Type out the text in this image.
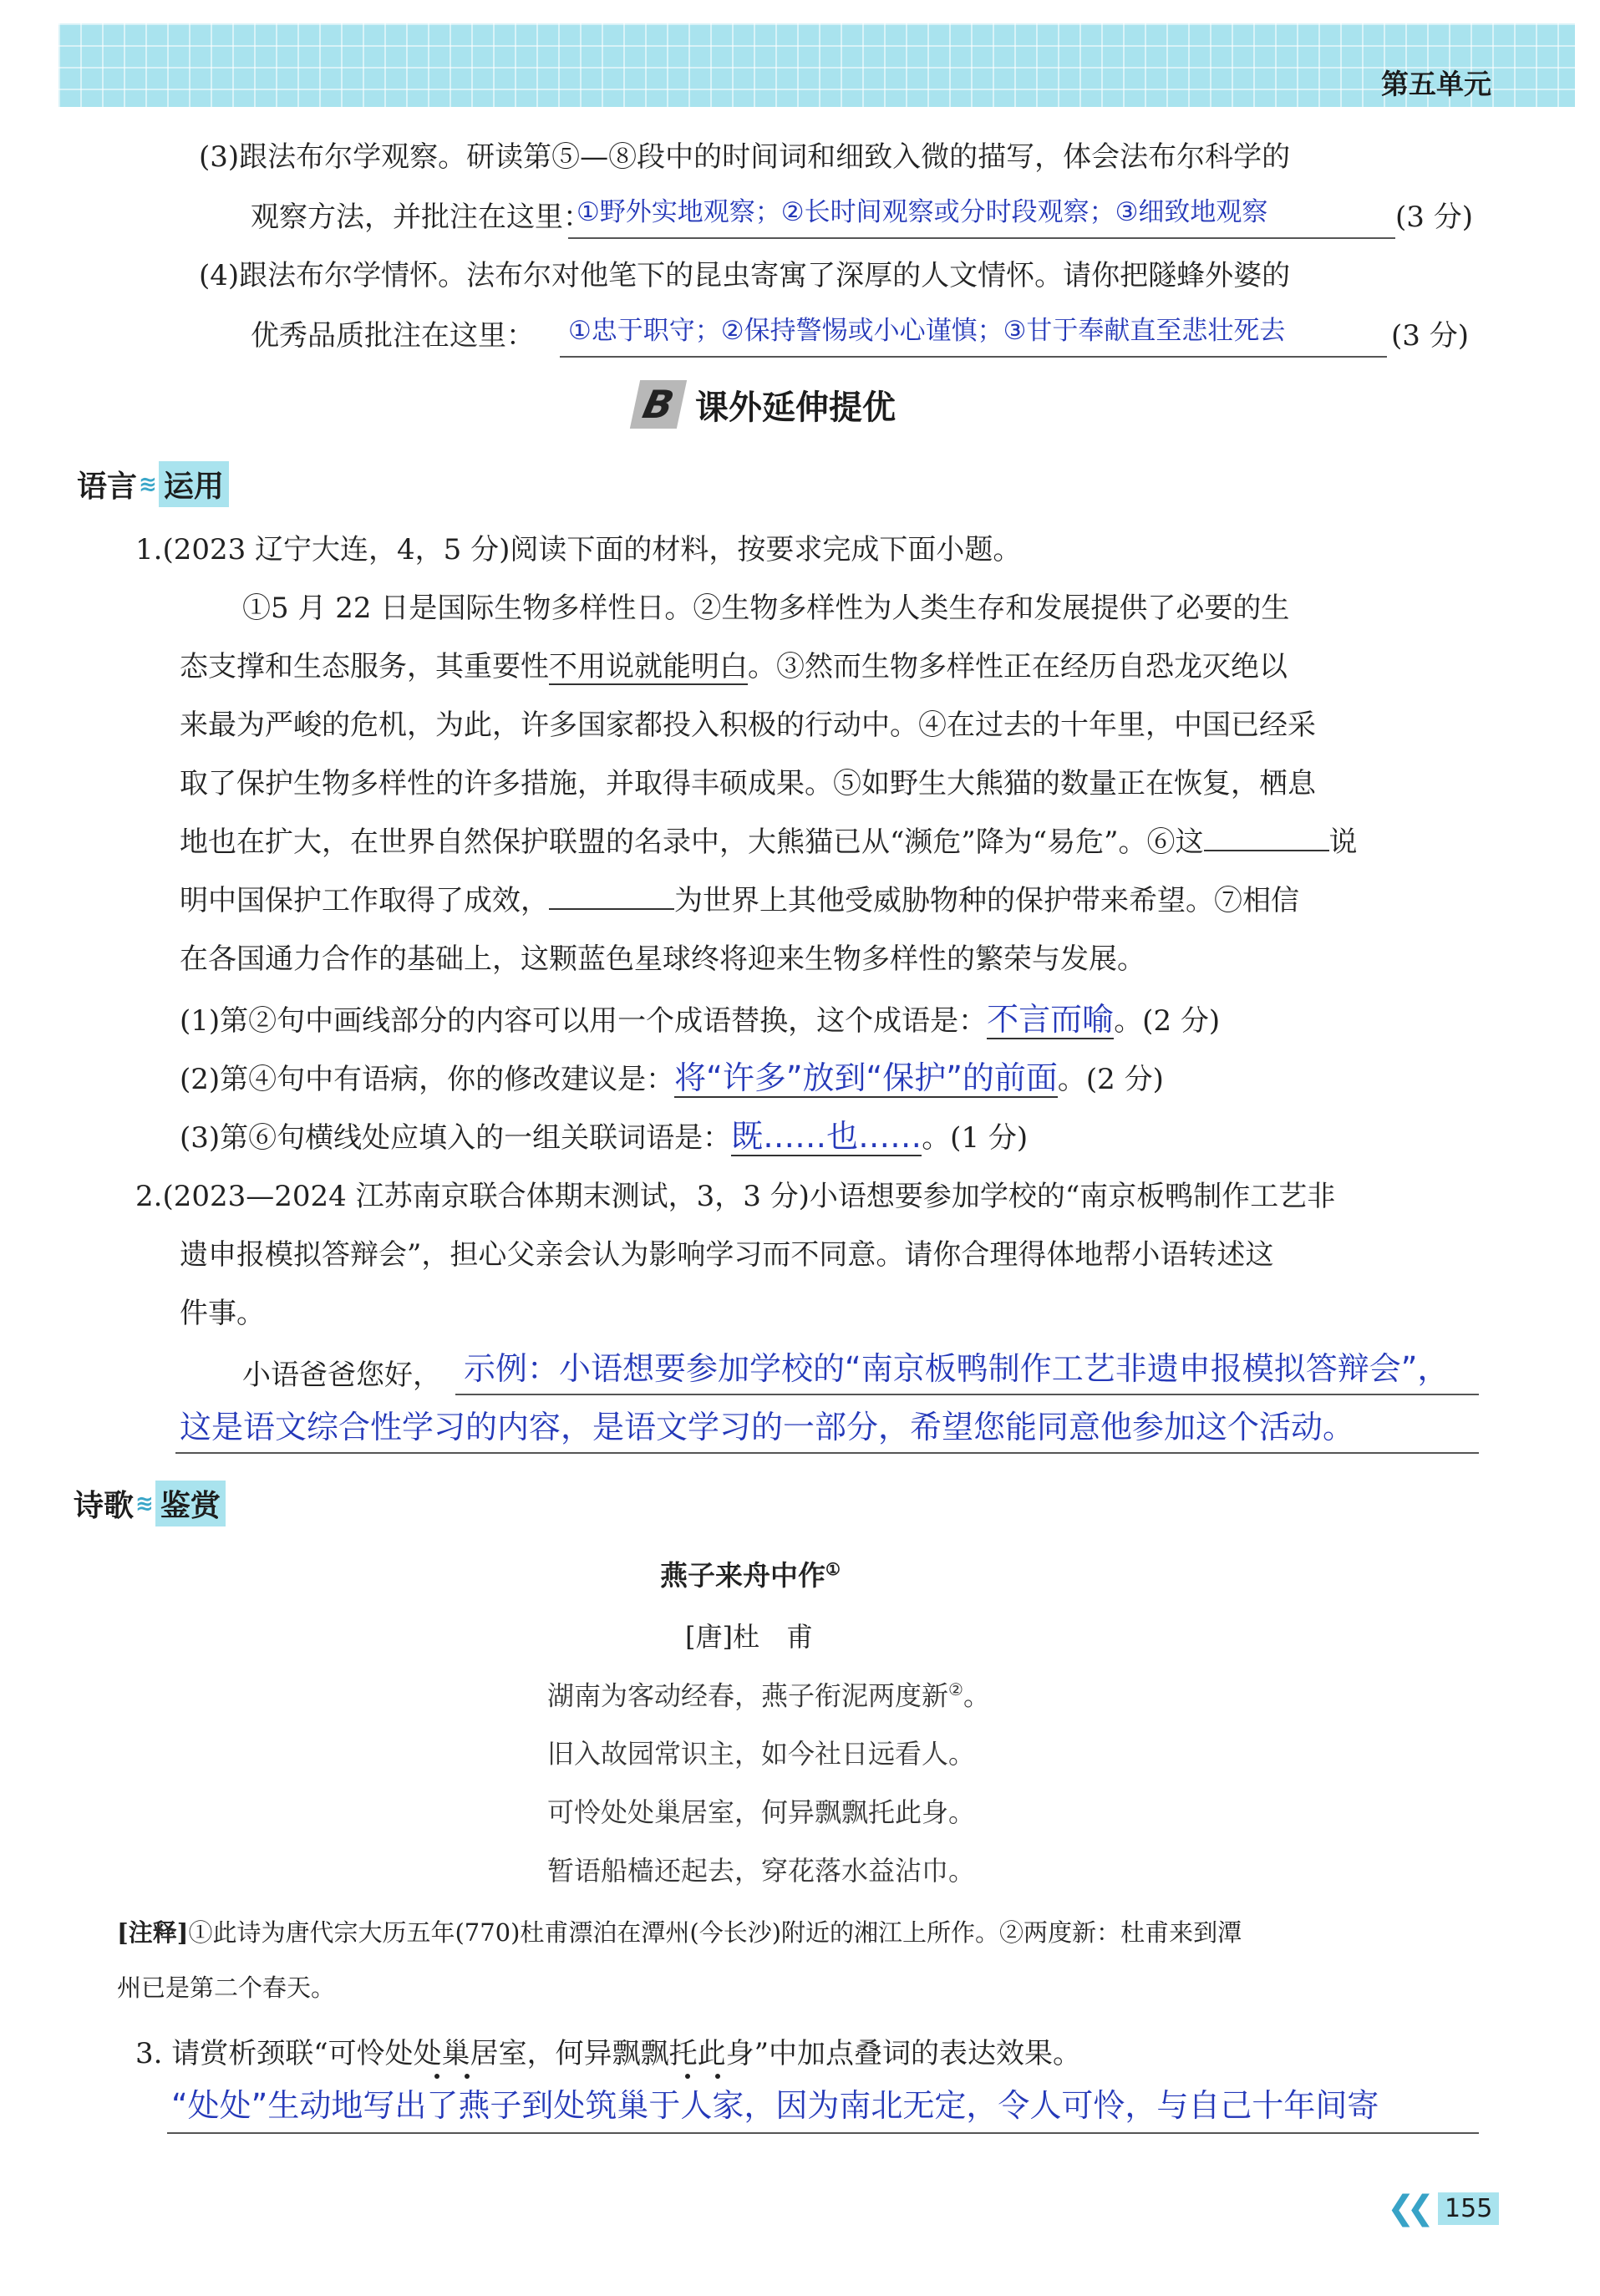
第五单元
(3)跟法布尔学观察。研读第⑤—⑧段中的时间词和细致入微的描写，体会法布尔科学的
观察方法，并批注在这里：
①野外实地观察；②长时间观察或分时段观察；③细致地观察	(3 分)
(4)跟法布尔学情怀。法布尔对他笔下的昆虫寄寓了深厚的人文情怀。请你把隧蜂外婆的
优秀品质批注在这里： ①忠于职守；②保持警惕或小心谨慎；③甘于奉献直至悲壮死去	(3 分)
B 课外延伸提优
语言 ≋ 运用
1.(2023 辽宁大连，4，5 分)阅读下面的材料，按要求完成下面小题。
①5 月 22 日是国际生物多样性日。②生物多样性为人类生存和发展提供了必要的生
态支撑和生态服务，其重要性不用说就能明白。③然而生物多样性正在经历自恐龙灭绝以
来最为严峻的危机，为此，许多国家都投入积极的行动中。④在过去的十年里，中国已经采
取了保护生物多样性的许多措施，并取得丰硕成果。⑤如野生大熊猫的数量正在恢复，栖息
地也在扩大，在世界自然保护联盟的名录中，大熊猫已从“濒危”降为“易危”。⑥这	说
明中国保护工作取得了成效，	为世界上其他受威胁物种的保护带来希望。⑦相信
在各国通力合作的基础上，这颗蓝色星球终将迎来生物多样性的繁荣与发展。
(1)第②句中画线部分的内容可以用一个成语替换，这个成语是：不言而喻。(2 分)
(2)第④句中有语病，你的修改建议是：将“许多”放到“保护”的前面。(2 分)
(3)第⑥句横线处应填入的一组关联词语是：既……也……。(1 分)
2.(2023—2024 江苏南京联合体期末测试，3，3 分)小语想要参加学校的“南京板鸭制作工艺非
遗申报模拟答辩会”，担心父亲会认为影响学习而不同意。请你合理得体地帮小语转述这
件事。
小语爸爸您好， 示例：小语想要参加学校的“南京板鸭制作工艺非遗申报模拟答辩会”，
这是语文综合性学习的内容，是语文学习的一部分，希望您能同意他参加这个活动。
诗歌 ≋ 鉴赏
燕子来舟中作①
[唐]杜　甫
湖南为客动经春，燕子衔泥两度新②。
旧入故园常识主，如今社日远看人。
可怜处处巢居室，何异飘飘托此身。
暂语船樯还起去，穿花落水益沾巾。
[注释]①此诗为唐代宗大历五年(770)杜甫漂泊在潭州(今长沙)附近的湘江上所作。②两度新：杜甫来到潭
州已是第二个春天。
3. 请赏析颈联“可怜处处巢居室，何异飘飘托此身”中加点叠词的表达效果。
“处处”生动地写出了燕子到处筑巢于人家，因为南北无定，令人可怜，与自己十年间寄
❮❮ 155
